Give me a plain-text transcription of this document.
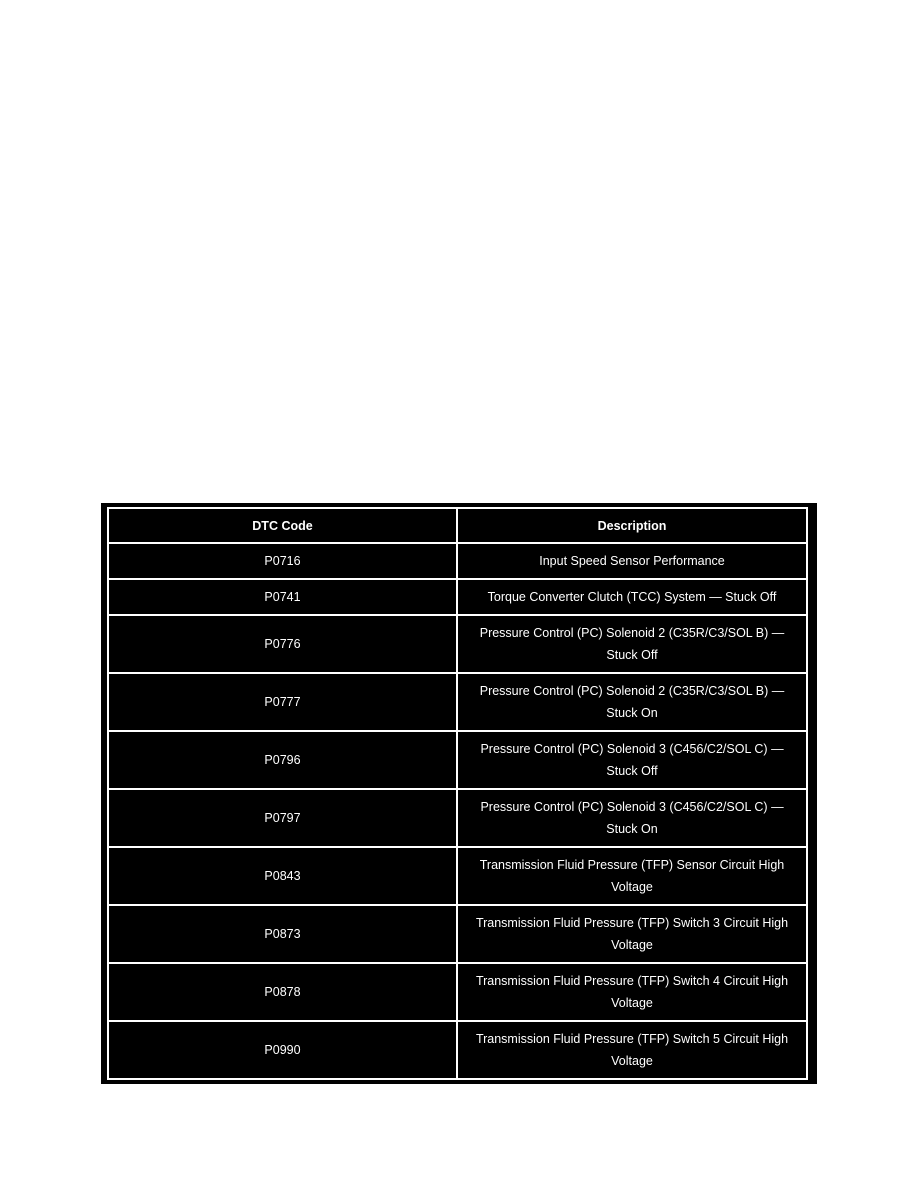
DTC Code	Description
P0716	Input Speed Sensor Performance
P0741	Torque Converter Clutch (TCC) System — Stuck Off
P0776	Pressure Control (PC) Solenoid 2 (C35R/C3/SOL B) — Stuck Off
P0777	Pressure Control (PC) Solenoid 2 (C35R/C3/SOL B) — Stuck On
P0796	Pressure Control (PC) Solenoid 3 (C456/C2/SOL C) — Stuck Off
P0797	Pressure Control (PC) Solenoid 3 (C456/C2/SOL C) — Stuck On
P0843	Transmission Fluid Pressure (TFP) Sensor Circuit High Voltage
P0873	Transmission Fluid Pressure (TFP) Switch 3 Circuit High Voltage
P0878	Transmission Fluid Pressure (TFP) Switch 4 Circuit High Voltage
P0990	Transmission Fluid Pressure (TFP) Switch 5 Circuit High Voltage
